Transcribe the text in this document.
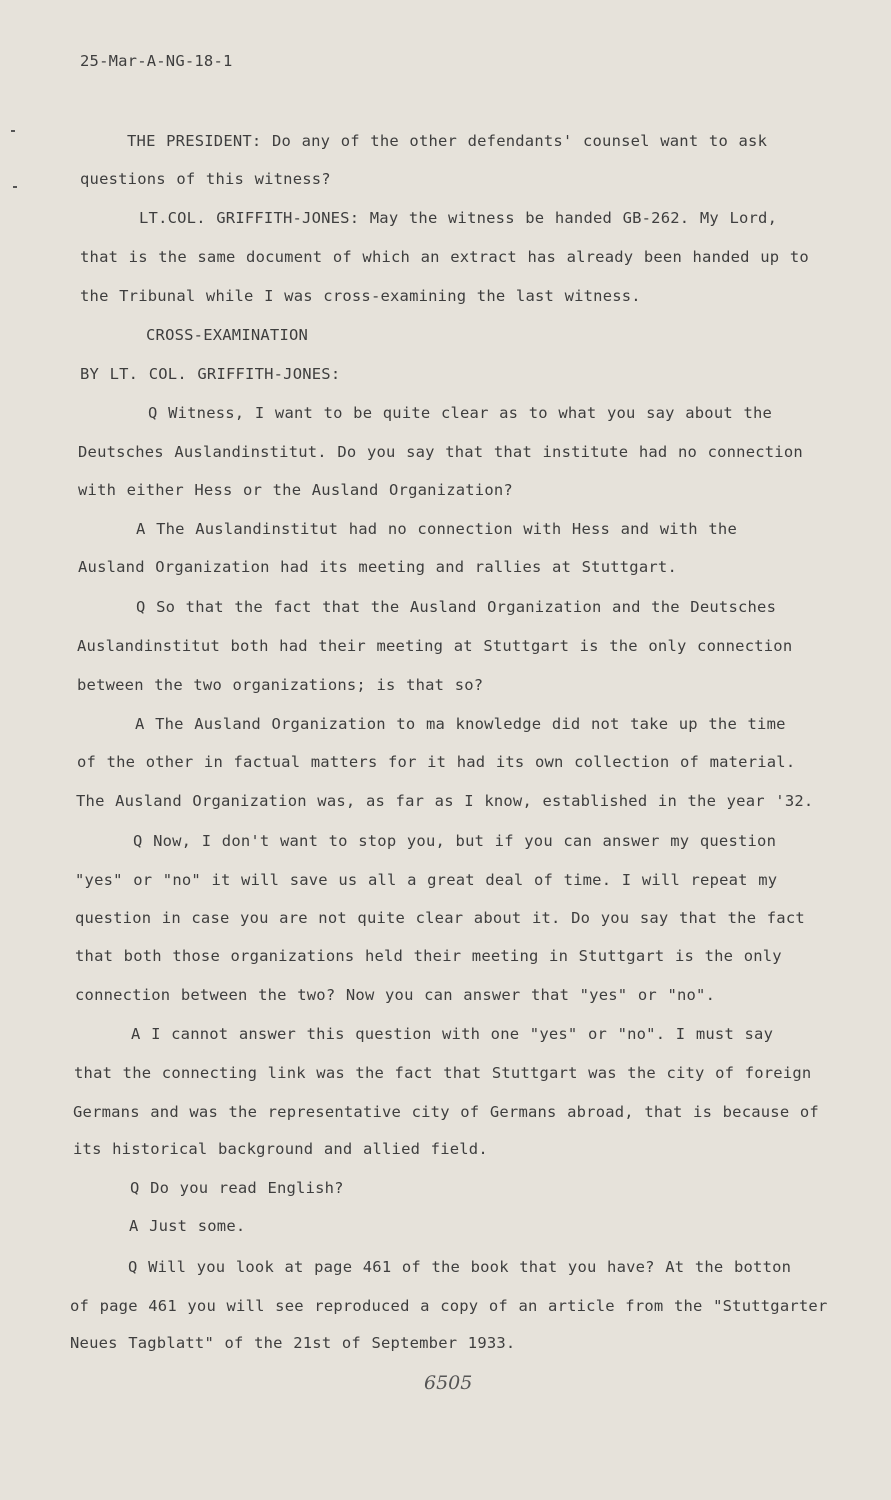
25-Mar-A-NG-18-1
THE PRESIDENT: Do any of the other defendants' counsel want to ask
questions of this witness?
LT.COL. GRIFFITH-JONES: May the witness be handed GB-262. My Lord,
that is the same document of which an extract has already been handed up to
the Tribunal while I was cross-examining the last witness.
CROSS-EXAMINATION
BY LT. COL. GRIFFITH-JONES:
Q Witness, I want to be quite clear as to what you say about the
Deutsches Auslandinstitut. Do you say that that institute had no connection
with either Hess or the Ausland Organization?
A The Auslandinstitut had no connection with Hess and with the
Ausland Organization had its meeting and rallies at Stuttgart.
Q So that the fact that the Ausland Organization and the Deutsches
Auslandinstitut both had their meeting at Stuttgart is the only connection
between the two organizations; is that so?
A The Ausland Organization to ma knowledge did not take up the time
of the other in factual matters for it had its own collection of material.
The Ausland Organization was, as far as I know, established in the year '32.
Q Now, I don't want to stop you, but if you can answer my question
"yes" or "no" it will save us all a great deal of time. I will repeat my
question in case you are not quite clear about it. Do you say that the fact
that both those organizations held their meeting in Stuttgart is the only
connection between the two? Now you can answer that "yes" or "no".
A I cannot answer this question with one "yes" or "no". I must say
that the connecting link was the fact that Stuttgart was the city of foreign
Germans and was the representative city of Germans abroad, that is because of
its historical background and allied field.
Q Do you read English?
A Just some.
Q Will you look at page 461 of the book that you have? At the botton
of page 461 you will see reproduced a copy of an article from the "Stuttgarter
Neues Tagblatt" of the 21st of September 1933.
6505
